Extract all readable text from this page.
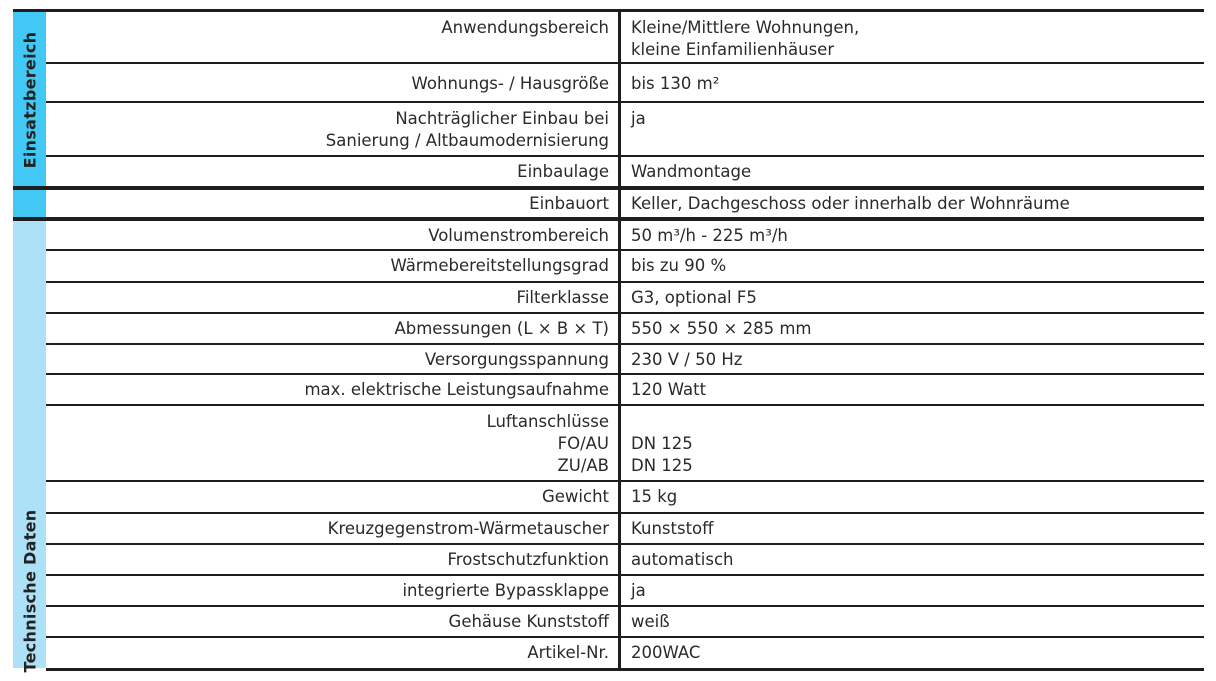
Einsatzbereich
Anwendungsbereich Kleine/Mittlere Wohnungen,
kleine Einfamilienhäuser
Wohnungs- / Hausgröße bis 130 m²
Nachträglicher Einbau bei
Sanierung / Altbaumodernisierung
ja
Einbaulage Wandmontage
Einbauort Keller, Dachgeschoss oder innerhalb der Wohnräume
Technische Daten
Volumenstrombereich 50 m³/h - 225 m³/h
Wärmebereitstellungsgrad bis zu 90 %
Filterklasse G3, optional F5
Abmessungen (L × B × T) 550 × 550 × 285 mm
Versorgungsspannung 230 V / 50 Hz
max. elektrische Leistungsaufnahme 120 Watt
Luftanschlüsse
FO/AU
ZU/AB
DN 125
DN 125
Gewicht 15 kg
Kreuzgegenstrom-Wärmetauscher Kunststoff
Frostschutzfunktion automatisch
integrierte Bypassklappe ja
Gehäuse Kunststoff weiß
Artikel-Nr. 200WAC
